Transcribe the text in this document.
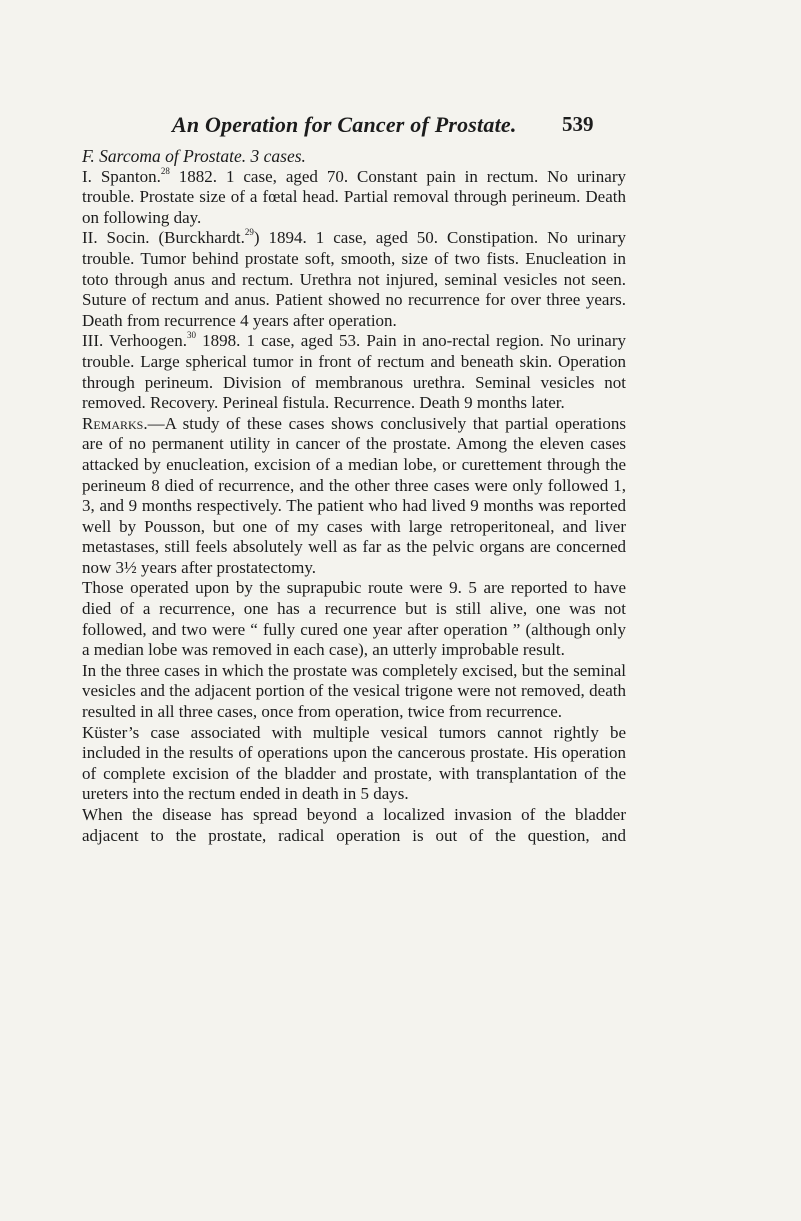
An Operation for Cancer of Prostate. 539

F. Sarcoma of Prostate. 3 cases.

I. Spanton.$^{28}$ 1882. 1 case, aged 70. Constant pain in rectum. No urinary trouble. Prostate size of a fœtal head. Partial removal through perineum. Death on following day.

II. Socin. (Burckhardt.$^{29}$) 1894. 1 case, aged 50. Constipation. No urinary trouble. Tumor behind prostate soft, smooth, size of two fists. Enucleation in toto through anus and rectum. Urethra not injured, seminal vesicles not seen. Suture of rectum and anus. Patient showed no recurrence for over three years. Death from recurrence 4 years after operation.

III. Verhoogen.$^{30}$ 1898. 1 case, aged 53. Pain in ano-rectal region. No urinary trouble. Large spherical tumor in front of rectum and beneath skin. Operation through perineum. Division of membranous urethra. Seminal vesicles not removed. Recovery. Perineal fistula. Recurrence. Death 9 months later.

Remarks.—A study of these cases shows conclusively that partial operations are of no permanent utility in cancer of the prostate. Among the eleven cases attacked by enucleation, excision of a median lobe, or curettement through the perineum 8 died of recurrence, and the other three cases were only followed 1, 3, and 9 months respectively. The patient who had lived 9 months was reported well by Pousson, but one of my cases with large retroperitoneal, and liver metastases, still feels absolutely well as far as the pelvic organs are concerned now 3½ years after prostatectomy.

Those operated upon by the suprapubic route were 9. 5 are reported to have died of a recurrence, one has a recurrence but is still alive, one was not followed, and two were “ fully cured one year after operation ” (although only a median lobe was removed in each case), an utterly improbable result.

In the three cases in which the prostate was completely excised, but the seminal vesicles and the adjacent portion of the vesical trigone were not removed, death resulted in all three cases, once from operation, twice from recurrence.

Küster’s case associated with multiple vesical tumors cannot rightly be included in the results of operations upon the cancerous prostate. His operation of complete excision of the bladder and prostate, with transplantation of the ureters into the rectum ended in death in 5 days.

When the disease has spread beyond a localized invasion of the bladder adjacent to the prostate, radical operation is out of the question, and
